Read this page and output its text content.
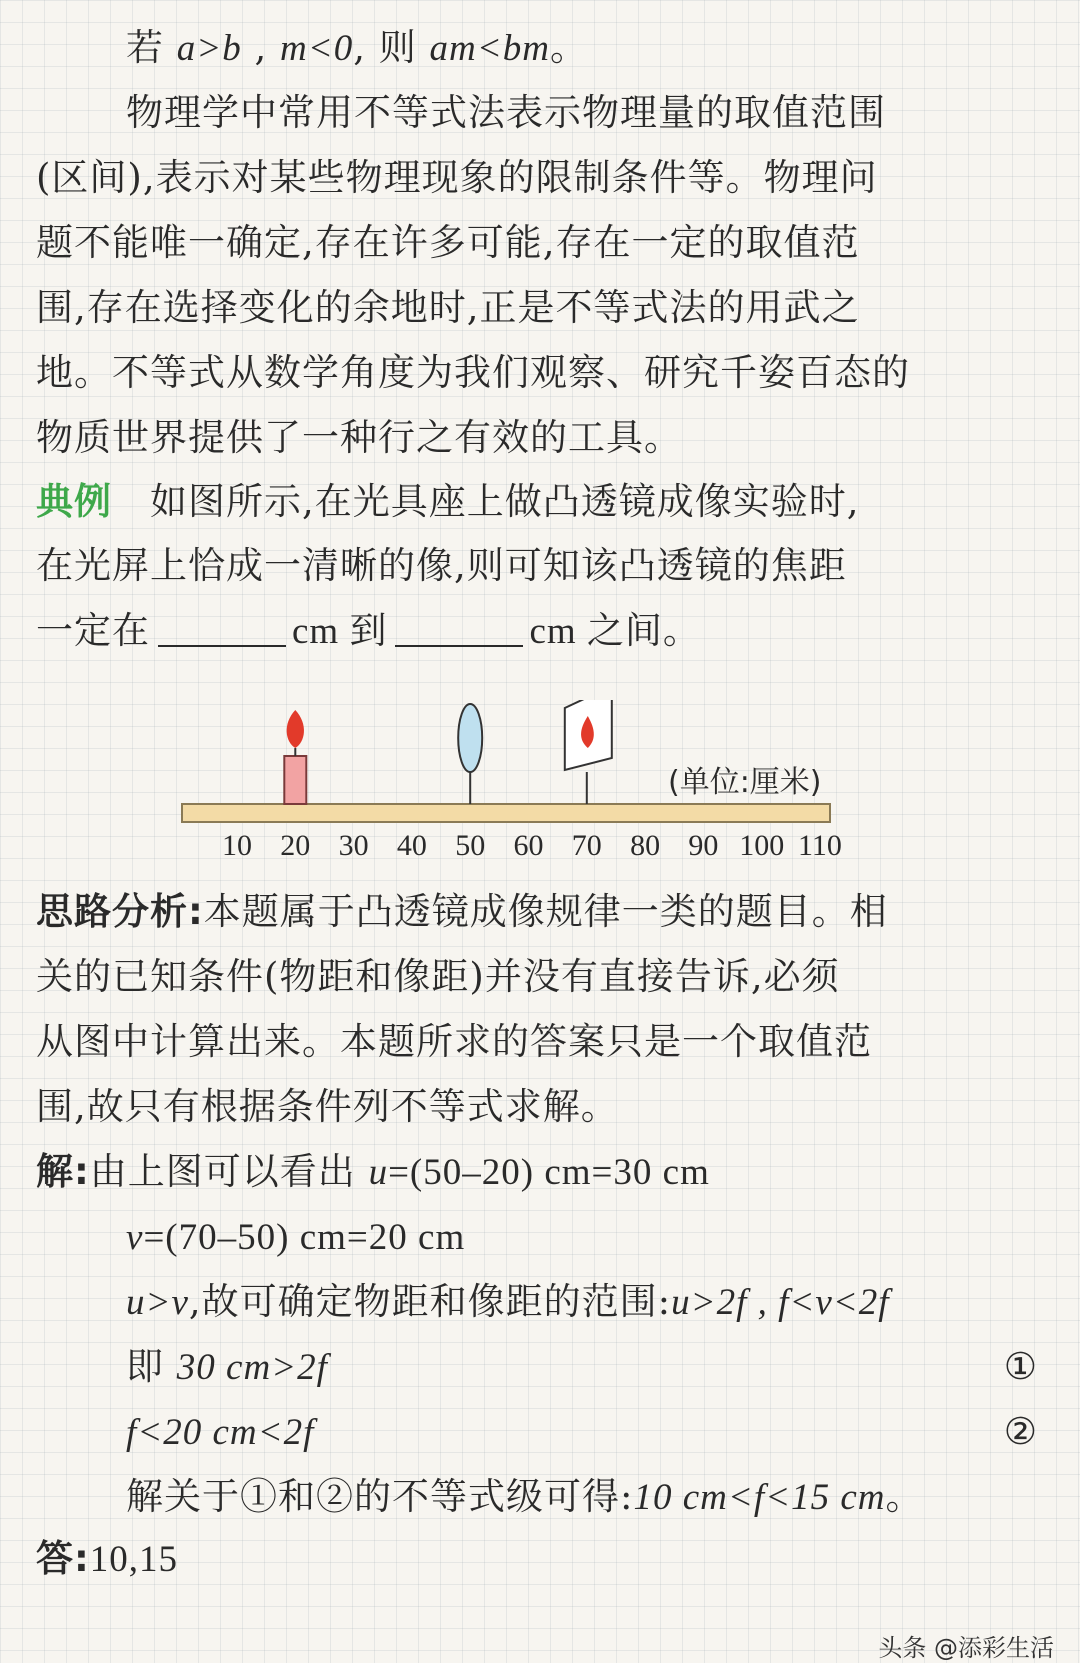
若 a>b , m<0, 则 am<bm。
物理学中常用不等式法表示物理量的取值范围
(区间),表示对某些物理现象的限制条件等。物理问
题不能唯一确定,存在许多可能,存在一定的取值范
围,存在选择变化的余地时,正是不等式法的用武之
地。不等式从数学角度为我们观察、研究千姿百态的
物质世界提供了一种行之有效的工具。
典例 如图所示,在光具座上做凸透镜成像实验时,
在光屏上恰成一清晰的像,则可知该凸透镜的焦距
一定在	cm 到	cm 之间。
10 20 30 40 50 60 70 80 90 100 110
(单位:厘米)
思路分析:本题属于凸透镜成像规律一类的题目。相
关的已知条件(物距和像距)并没有直接告诉,必须
从图中计算出来。本题所求的答案只是一个取值范
围,故只有根据条件列不等式求解。
解:由上图可以看出 u=(50–20) cm=30 cm
v=(70–50) cm=20 cm
u>v,故可确定物距和像距的范围:u>2f , f<v<2f
即 30 cm>2f	①
f<20 cm<2f	②
解关于①和②的不等式级可得:10 cm<f<15 cm。
答:10,15
头条 @添彩生活
